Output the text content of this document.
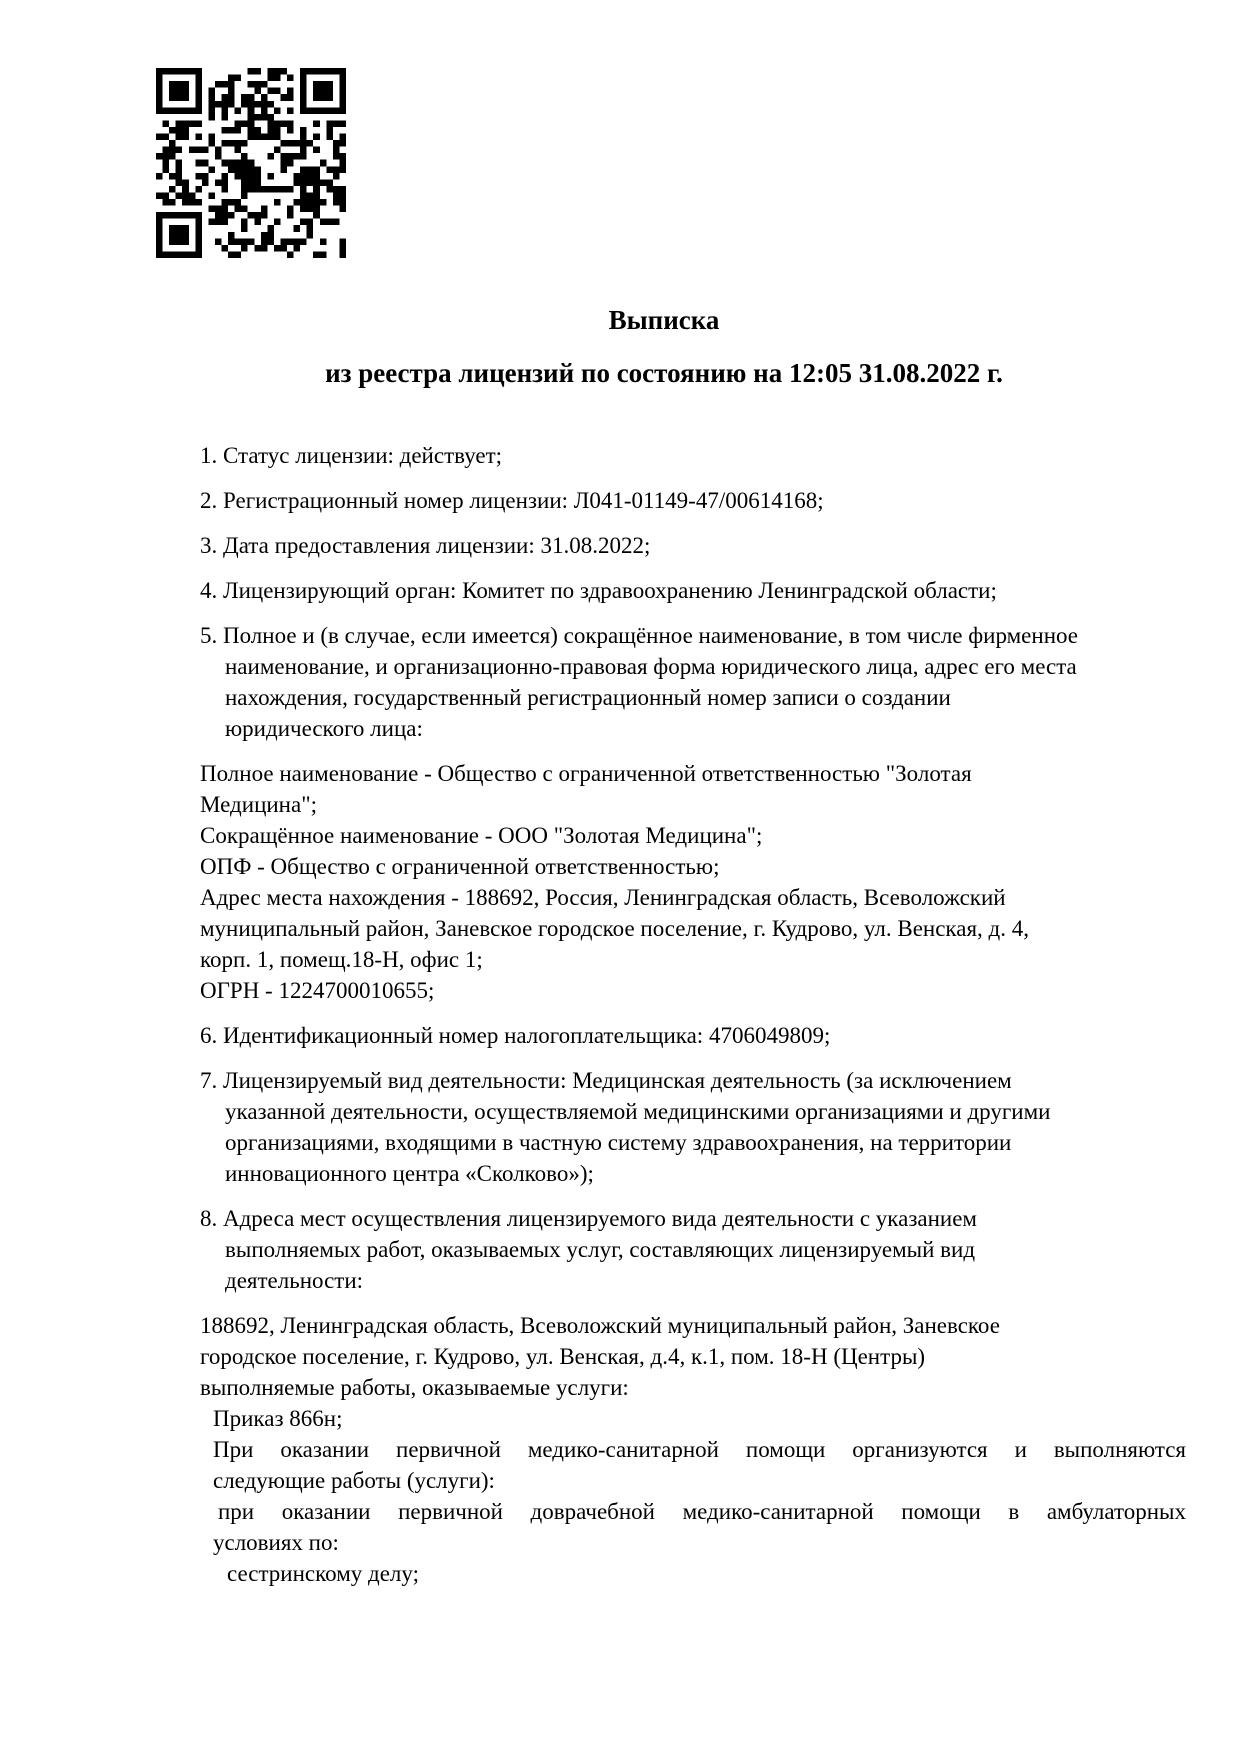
Выписка
из реестра лицензий по состоянию на 12:05 31.08.2022 г.
1. Статус лицензии: действует;
2. Регистрационный номер лицензии: Л041-01149-47/00614168;
3. Дата предоставления лицензии: 31.08.2022;
4. Лицензирующий орган: Комитет по здравоохранению Ленинградской области;
5. Полное и (в случае, если имеется) сокращённое наименование, в том числе фирменное
наименование, и организационно-правовая форма юридического лица, адрес его места
нахождения, государственный регистрационный номер записи о создании
юридического лица:
Полное наименование - Общество с ограниченной ответственностью "Золотая
Медицина";
Сокращённое наименование - ООО "Золотая Медицина";
ОПФ - Общество с ограниченной ответственностью;
Адрес места нахождения - 188692, Россия, Ленинградская область, Всеволожский
муниципальный район, Заневское городское поселение, г. Кудрово, ул. Венская, д. 4,
корп. 1, помещ.18-Н, офис 1;
ОГРН - 1224700010655;
6. Идентификационный номер налогоплательщика: 4706049809;
7. Лицензируемый вид деятельности: Медицинская деятельность (за исключением
указанной деятельности, осуществляемой медицинскими организациями и другими
организациями, входящими в частную систему здравоохранения, на территории
инновационного центра «Сколково»);
8. Адреса мест осуществления лицензируемого вида деятельности с указанием
выполняемых работ, оказываемых услуг, составляющих лицензируемый вид
деятельности:
188692, Ленинградская область, Всеволожский муниципальный район, Заневское
городское поселение, г. Кудрово, ул. Венская, д.4, к.1, пом. 18-Н (Центры)
выполняемые работы, оказываемые услуги:
Приказ 866н;
При оказании первичной медико-санитарной помощи организуются и выполняются
следующие работы (услуги):
при оказании первичной доврачебной медико-санитарной помощи в амбулаторных
условиях по:
сестринскому делу;
